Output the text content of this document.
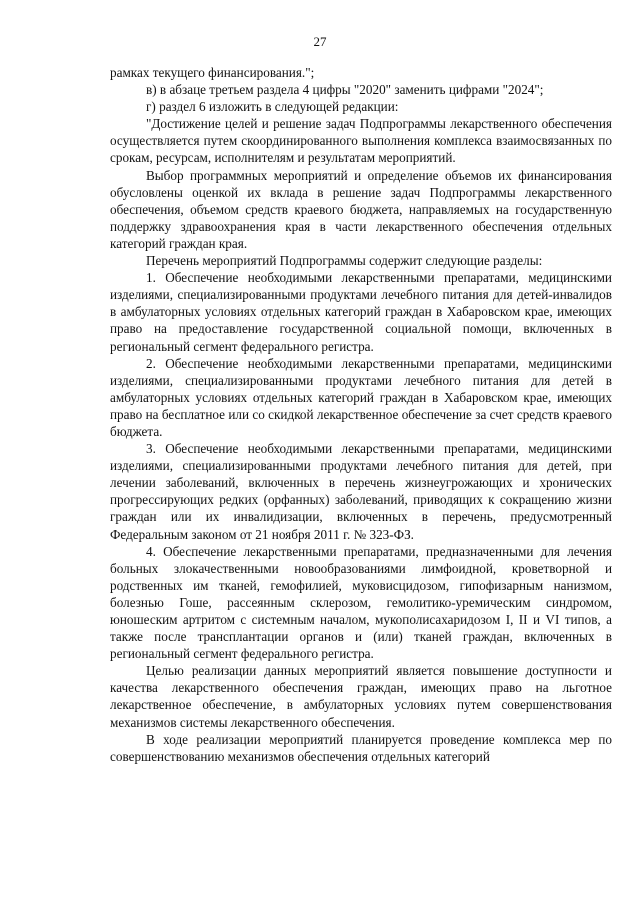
27

рамках текущего финансирования.";

в) в абзаце третьем раздела 4 цифры "2020" заменить цифрами "2024";

г) раздел 6 изложить в следующей редакции:

"Достижение целей и решение задач Подпрограммы лекарственного обеспечения осуществляется путем скоординированного выполнения комплекса взаимосвязанных по срокам, ресурсам, исполнителям и результатам мероприятий.

Выбор программных мероприятий и определение объемов их финансирования обусловлены оценкой их вклада в решение задач Подпрограммы лекарственного обеспечения, объемом средств краевого бюджета, направляемых на государственную поддержку здравоохранения края в части лекарственного обеспечения отдельных категорий граждан края.

Перечень мероприятий Подпрограммы содержит следующие разделы:

1. Обеспечение необходимыми лекарственными препаратами, медицинскими изделиями, специализированными продуктами лечебного питания для детей-инвалидов в амбулаторных условиях отдельных категорий граждан в Хабаровском крае, имеющих право на предоставление государственной социальной помощи, включенных в региональный сегмент федерального регистра.

2. Обеспечение необходимыми лекарственными препаратами, медицинскими изделиями, специализированными продуктами лечебного питания для детей в амбулаторных условиях отдельных категорий граждан в Хабаровском крае, имеющих право на бесплатное или со скидкой лекарственное обеспечение за счет средств краевого бюджета.

3. Обеспечение необходимыми лекарственными препаратами, медицинскими изделиями, специализированными продуктами лечебного питания для детей, при лечении заболеваний, включенных в перечень жизнеугрожающих и хронических прогрессирующих редких (орфанных) заболеваний, приводящих к сокращению жизни граждан или их инвалидизации, включенных в перечень, предусмотренный Федеральным законом от 21 ноября 2011 г. № 323-ФЗ.

4. Обеспечение лекарственными препаратами, предназначенными для лечения больных злокачественными новообразованиями лимфоидной, кроветворной и родственных им тканей, гемофилией, муковисцидозом, гипофизарным нанизмом, болезнью Гоше, рассеянным склерозом, гемолитико-уремическим синдромом, юношеским артритом с системным началом, мукополисахаридозом I, II и VI типов, а также после трансплантации органов и (или) тканей граждан, включенных в региональный сегмент федерального регистра.

Целью реализации данных мероприятий является повышение доступности и качества лекарственного обеспечения граждан, имеющих право на льготное лекарственное обеспечение, в амбулаторных условиях путем совершенствования механизмов системы лекарственного обеспечения.

В ходе реализации мероприятий планируется проведение комплекса мер по совершенствованию механизмов обеспечения отдельных категорий
